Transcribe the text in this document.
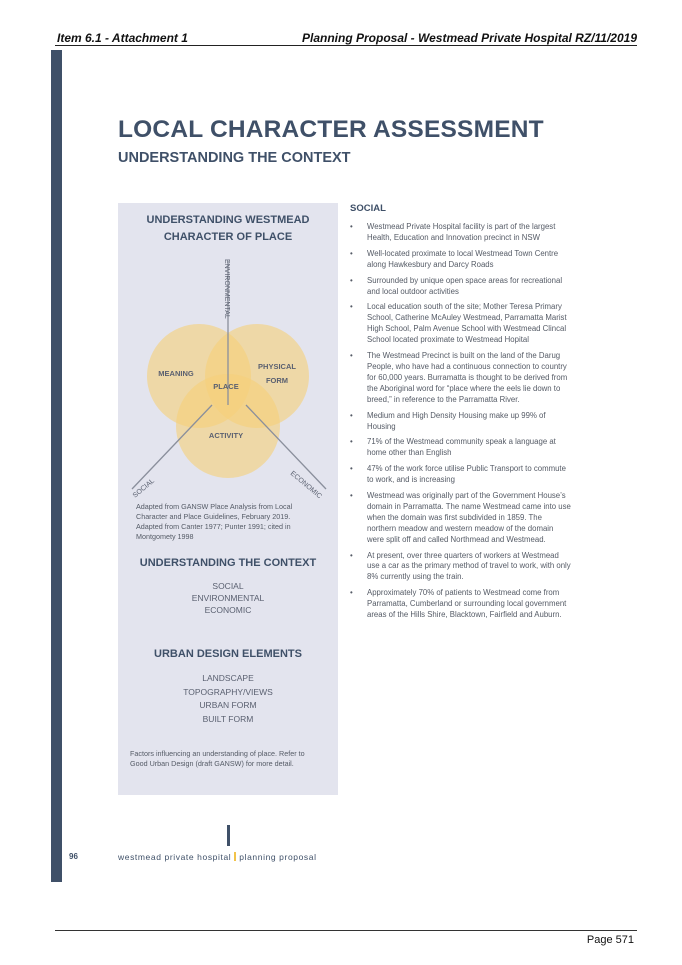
Item 6.1 - Attachment 1	Planning Proposal - Westmead Private Hospital RZ/11/2019
LOCAL CHARACTER ASSESSMENT
UNDERSTANDING THE CONTEXT
UNDERSTANDING WESTMEAD
CHARACTER OF PLACE
MEANING
PHYSICAL
FORM
PLACE
ACTIVITY
ENVIRONMENTAL
SOCIAL	ECONOMIC
Adapted from GANSW Place Analysis from Local
Character and Place Guidelines, February 2019.
Adapted from Canter 1977; Punter 1991; cited in
Montgomety 1998
UNDERSTANDING THE CONTEXT
SOCIAL
ENVIRONMENTAL
ECONOMIC
URBAN DESIGN ELEMENTS
LANDSCAPE
TOPOGRAPHY/VIEWS
URBAN FORM
BUILT FORM
Factors influencing an understanding of place. Refer to
Good Urban Design (draft GANSW) for more detail.
SOCIAL
• Westmead Private Hospital facility is part of the largest Health, Education and Innovation precinct in NSW
• Well-located proximate to local Westmead Town Centre along Hawkesbury and Darcy Roads
• Surrounded by unique open space areas for recreational and local outdoor activities
• Local education south of the site; Mother Teresa Primary School, Catherine McAuley Westmead, Parramatta Marist High School, Palm Avenue School with Westmead Clincal School located proximate to Westmead Hopital
• The Westmead Precinct is built on the land of the Darug People, who have had a continuous connection to country for 60,000 years. Burramatta is thought to be derived from the Aboriginal word for “place where the eels lie down to breed,” in reference to the Parramatta River.
• Medium and High Density Housing make up 99% of Housing
• 71% of the Westmead community speak a language at home other than English
• 47% of the work force utilise Public Transport to commute to work, and is increasing
• Westmead was originally part of the Government House’s domain in Parramatta. The name Westmead came into use when the domain was first subdivided in 1859. The northern meadow and western meadow of the domain were split off and called Northmead and Westmead.
• At present, over three quarters of workers at Westmead use a car as the primary method of travel to work, with only 8% currently using the train.
• Approximately 70% of patients to Westmead come from Parramatta, Cumberland or surrounding local government areas of the Hills Shire, Blacktown, Fairfield and Auburn.
96	westmead private hospital planning proposal
Page 571
